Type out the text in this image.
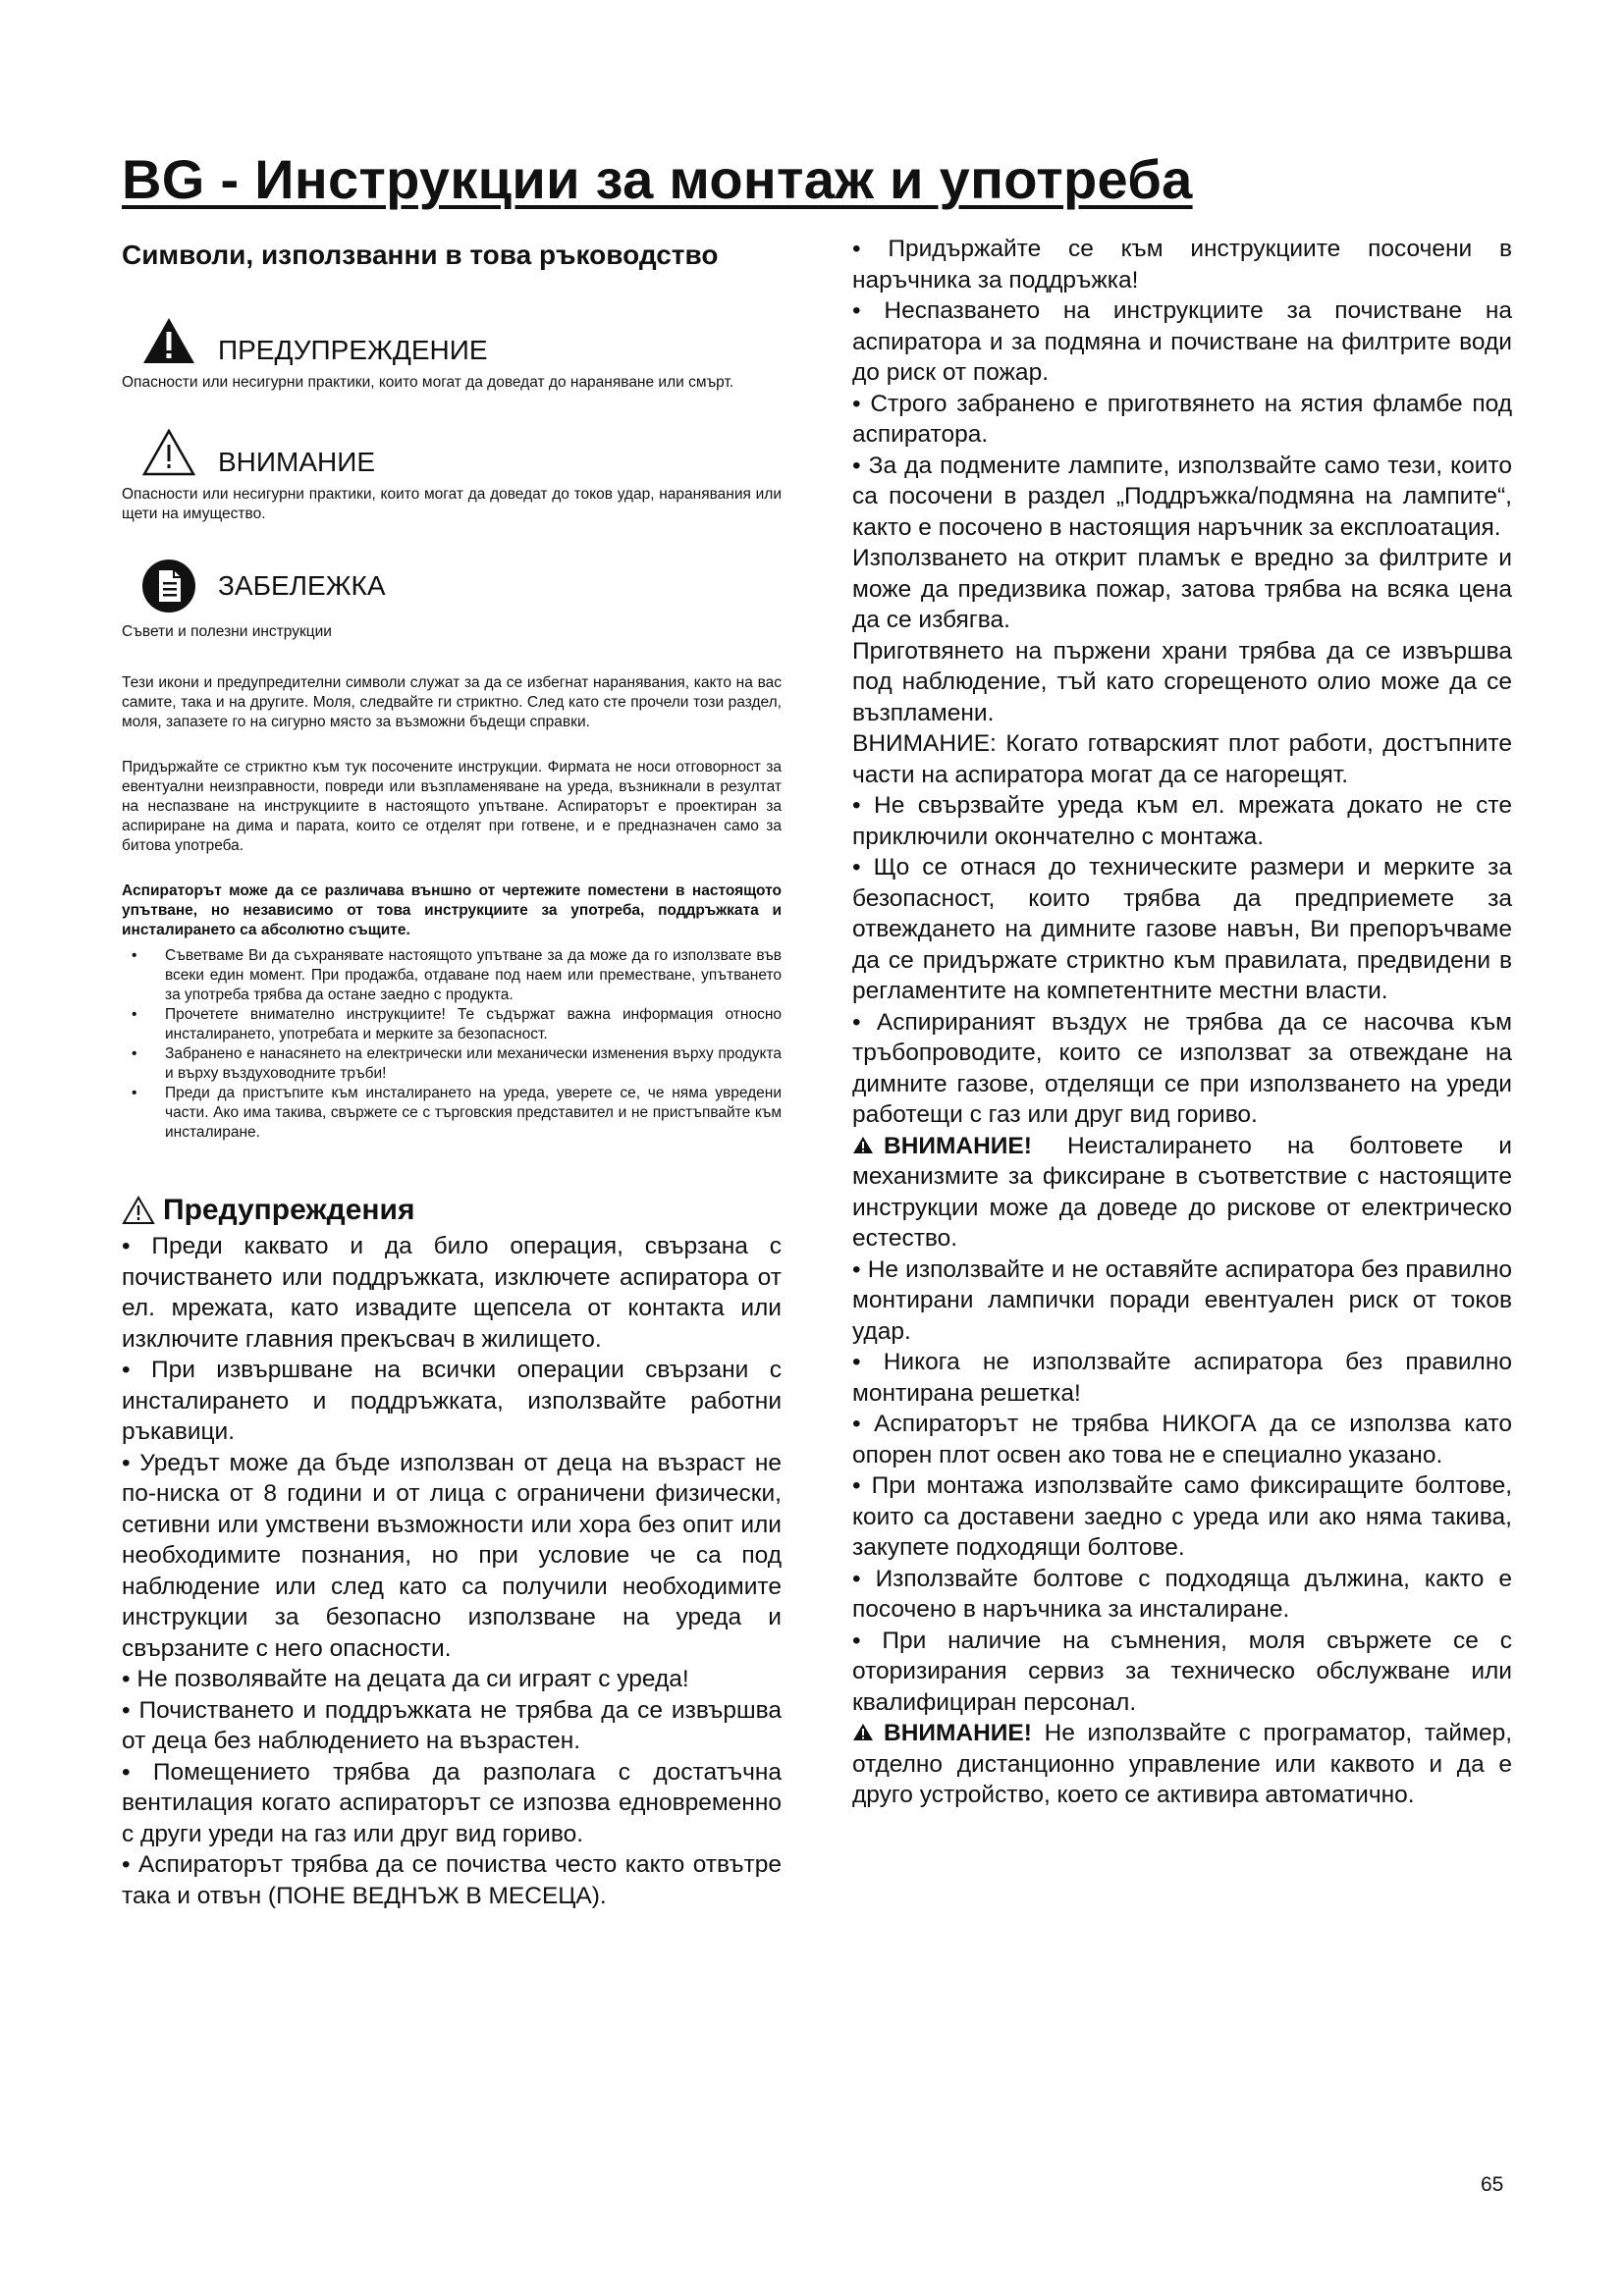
BG - Инструкции за монтаж и употреба
Символи, използванни в това ръководство
ПРЕДУПРЕЖДЕНИЕ

Опасности или несигурни практики, които могат да доведат до нараняване или смърт.

ВНИМАНИЕ

Опасности или несигурни практики, които могат да доведат до токов удар, наранявания или щети на имущество.

ЗАБЕЛЕЖКА

Съвети и полезни инструкции

Тези икони и предупредителни символи служат за да се избегнат наранявания, както на вас самите, така и на другите. Моля, следвайте ги стриктно. След като сте прочели този раздел, моля, запазете го на сигурно място за възможни бъдещи справки.

Придържайте се стриктно към тук посочените инструкции. Фирмата не носи отговорност за евентуални неизправности, повреди или възпламеняване на уреда, възникнали в резултат на неспазване на инструкциите в настоящото упътване. Аспираторът е проектиран за аспириране на дима и парата, които се отделят при готвене, и е предназначен само за битова употреба.

Аспираторът може да се различава външно от чертежите поместени в настоящото упътване, но независимо от това инструкциите за употреба, поддръжката и инсталирането са абсолютно същите.

• Съветваме Ви да съхранявате настоящото упътване за да може да го използвате във всеки един момент. При продажба, отдаване под наем или преместване, упътването за употреба трябва да остане заедно с продукта.
• Прочетете внимателно инструкциите! Те съдържат важна информация относно инсталирането, употребата и мерките за безопасност.
• Забранено е нанасянето на електрически или механически изменения върху продукта и върху въздуховодните тръби!
• Преди да пристъпите към инсталирането на уреда, уверете се, че няма увредени части. Ако има такива, свържете се с търговския представител и не пристъпвайте към инсталиране.
Предупреждения

• Преди каквато и да било операция, свързана с почистването или поддръжката, изключете аспиратора от ел. мрежата, като извадите щепсела от контакта или изключите главния прекъсвач в жилището.

• При извършване на всички операции свързани с инсталирането и поддръжката, използвайте работни ръкавици.

• Уредът може да бъде използван от деца на възраст не по-ниска от 8 години и от лица с ограничени физически, сетивни или умствени възможности или хора без опит или необходимите познания, но при условие че са под наблюдение или след като са получили необходимите инструкции за безопасно използване на уреда и свързаните с него опасности.

• Не позволявайте на децата да си играят с уреда!

• Почистването и поддръжката не трябва да се извършва от деца без наблюдението на възрастен.

• Помещението трябва да разполага с достатъчна вентилация когато аспираторът се изпозва едновременно с други уреди на газ или друг вид гориво.

• Аспираторът трябва да се почиства често както отвътре така и отвън (ПОНЕ ВЕДНЪЖ В МЕСЕЦА).

• Придържайте се към инструкциите посочени в наръчника за поддръжка!

• Неспазването на инструкциите за почистване на аспиратора и за подмяна и почистване на филтрите води до риск от пожар.

• Строго забранено е приготвянето на ястия фламбе под аспиратора.

• За да подмените лампите, използвайте само тези, които са посочени в раздел „Поддръжка/подмяна на лампите“, както е посочено в настоящия наръчник за експлоатация.

Използването на открит пламък е вредно за филтрите и може да предизвика пожар, затова трябва на всяка цена да се избягва.

Приготвянето на пържени храни трябва да се извършва под наблюдение, тъй като сгорещеното олио може да се възпламени.

ВНИМАНИЕ: Когато готварският плот работи, достъпните части на аспиратора могат да се нагорещят.

• Не свързвайте уреда към ел. мрежата докато не сте приключили окончателно с монтажа.

• Що се отнася до техническите размери и мерките за безопасност, които трябва да предприемете за отвеждането на димните газове навън, Ви препоръчваме да се придържате стриктно към правилата, предвидени в регламентите на компетентните местни власти.

• Аспирираният въздух не трябва да се насочва към тръбопроводите, които се използват за отвеждане на димните газове, отделящи се при използването на уреди работещи с газ или друг вид гориво.

ВНИМАНИЕ! Неисталирането на болтовете и механизмите за фиксиране в съответствие с настоящите инструкции може да доведе до рискове от електрическо естество.

• Не използвайте и не оставяйте аспиратора без правилно монтирани лампички поради евентуален риск от токов удар.

• Никога не използвайте аспиратора без правилно монтирана решетка!

• Аспираторът не трябва НИКОГА да се използва като опорен плот освен ако това не е специално указано.

• При монтажа използвайте само фиксиращите болтове, които са доставени заедно с уреда или ако няма такива, закупете подходящи болтове.

• Използвайте болтове с подходяща дължина, както е посочено в наръчника за инсталиране.

• При наличие на съмнения, моля свържете се с оторизирания сервиз за техническо обслужване или квалифициран персонал.

ВНИМАНИЕ! Не използвайте с програматор, таймер, отделно дистанционно управление или каквото и да е друго устройство, което се активира автоматично.

65
